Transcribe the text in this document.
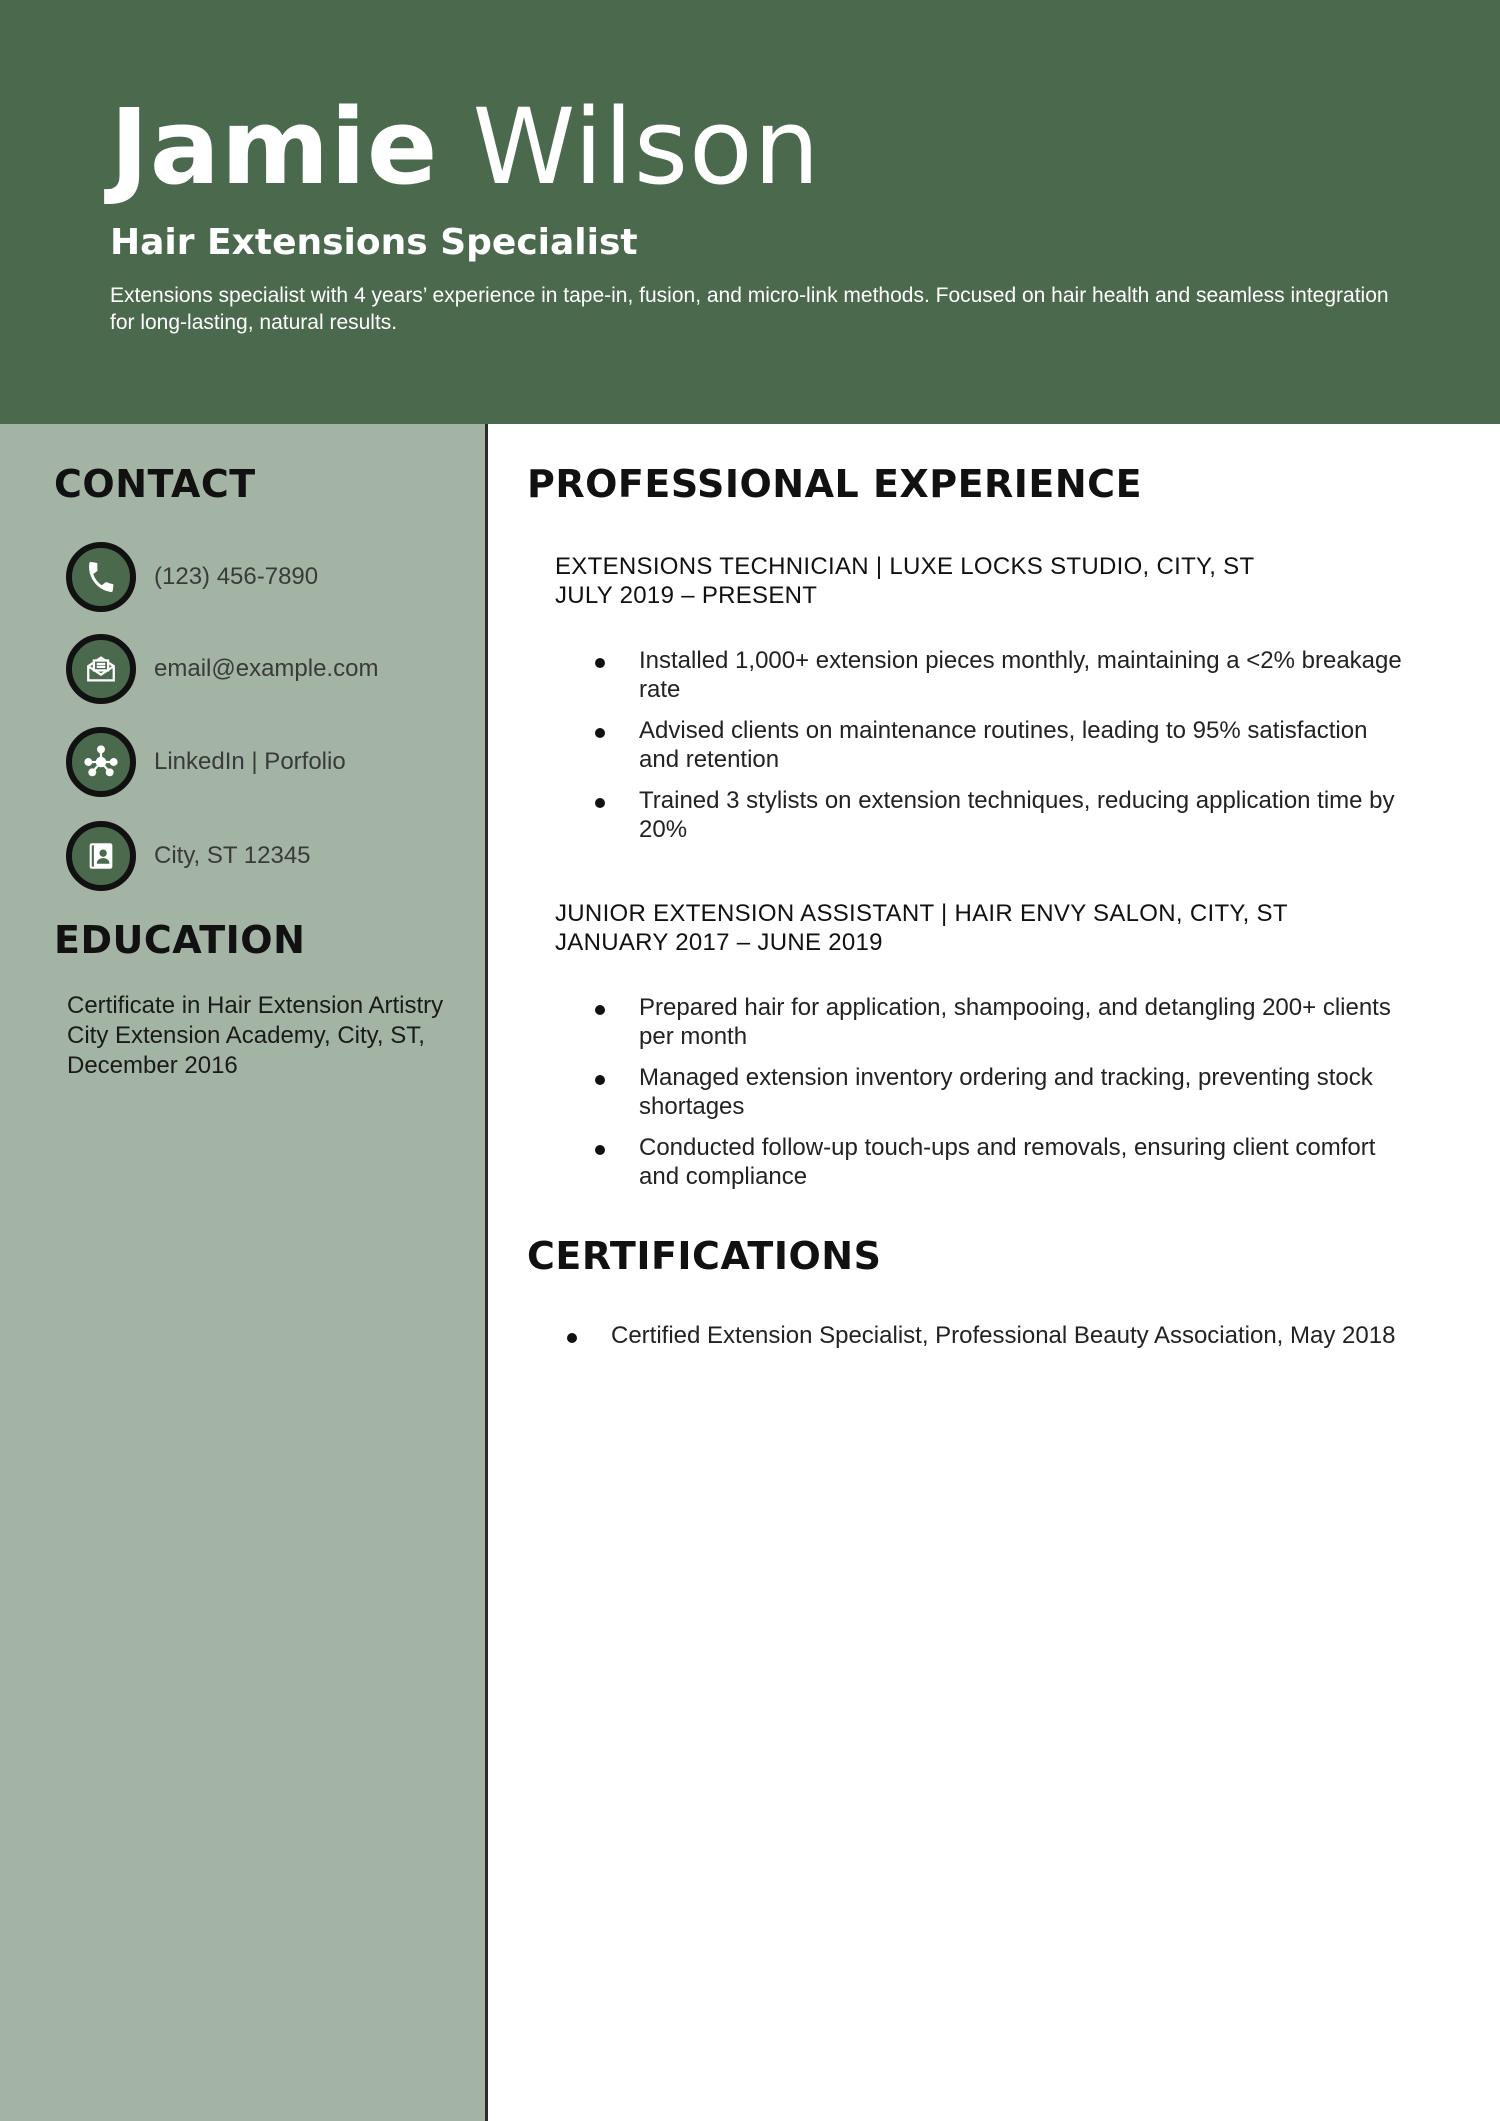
Jamie Wilson
Hair Extensions Specialist
Extensions specialist with 4 years’ experience in tape-in, fusion, and micro-link methods. Focused on hair health and seamless integration for long-lasting, natural results.
CONTACT
(123) 456-7890
email@example.com
LinkedIn | Porfolio
City, ST 12345
EDUCATION
Certificate in Hair Extension Artistry
City Extension Academy, City, ST, December 2016
PROFESSIONAL EXPERIENCE
EXTENSIONS TECHNICIAN | LUXE LOCKS STUDIO, CITY, ST
JULY 2019 – PRESENT
Installed 1,000+ extension pieces monthly, maintaining a <2% breakage rate
Advised clients on maintenance routines, leading to 95% satisfaction and retention
Trained 3 stylists on extension techniques, reducing application time by 20%
JUNIOR EXTENSION ASSISTANT | HAIR ENVY SALON, CITY, ST
JANUARY 2017 – JUNE 2019
Prepared hair for application, shampooing, and detangling 200+ clients per month
Managed extension inventory ordering and tracking, preventing stock shortages
Conducted follow-up touch-ups and removals, ensuring client comfort and compliance
CERTIFICATIONS
Certified Extension Specialist, Professional Beauty Association, May 2018
